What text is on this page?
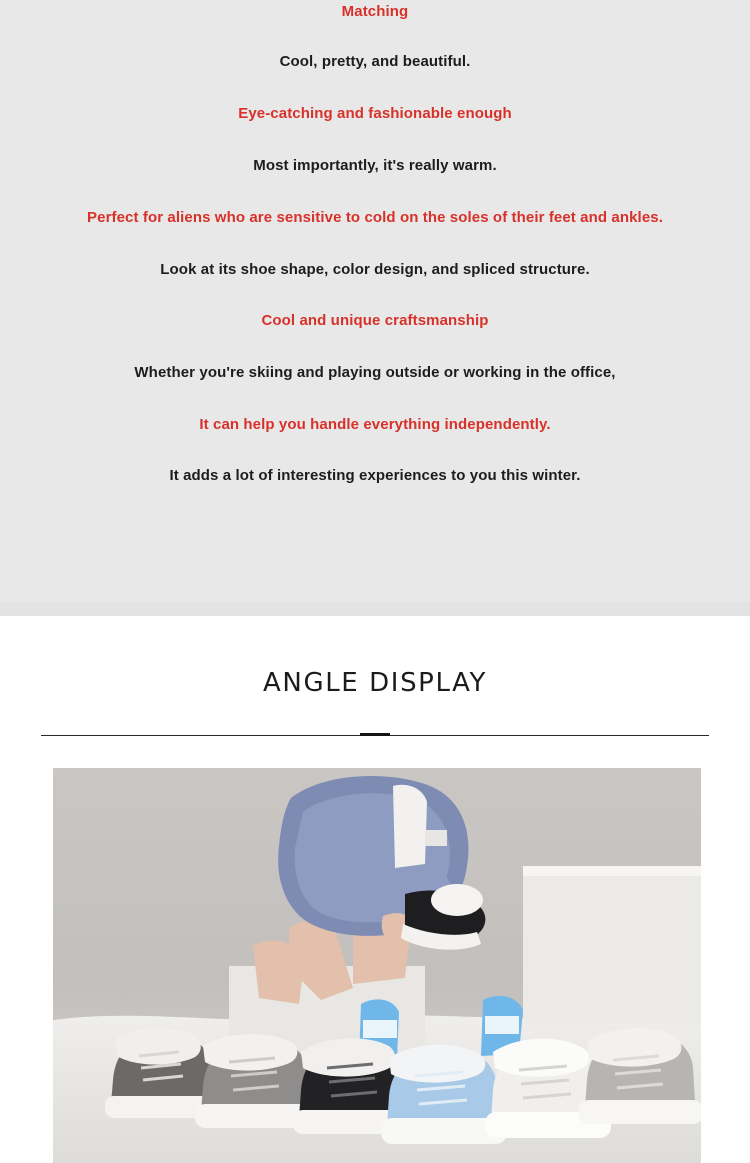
Matching
Cool, pretty, and beautiful.
Eye-catching and fashionable enough
Most importantly, it's really warm.
Perfect for aliens who are sensitive to cold on the soles of their feet and ankles.
Look at its shoe shape, color design, and spliced structure.
Cool and unique craftsmanship
Whether you're skiing and playing outside or working in the office,
It can help you handle everything independently.
It adds a lot of interesting experiences to you this winter.
ANGLE DISPLAY
